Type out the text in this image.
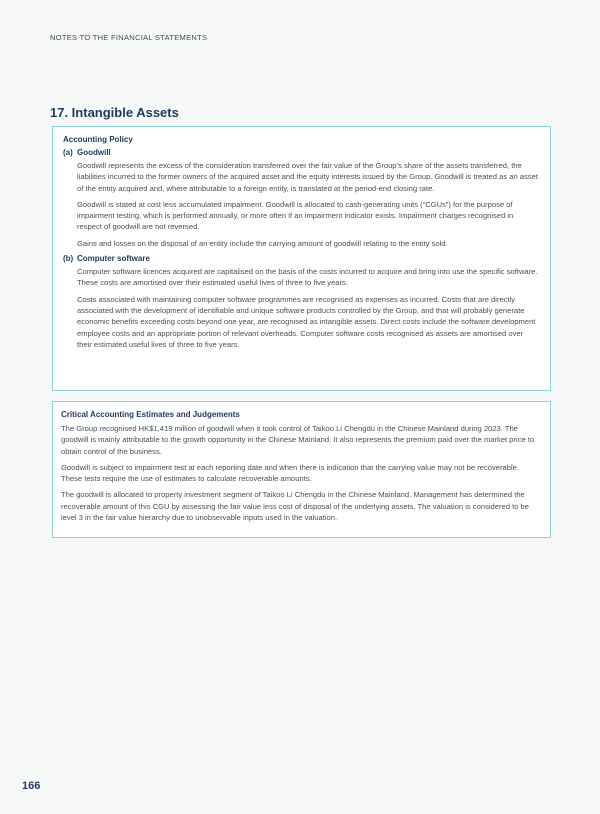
NOTES TO THE FINANCIAL STATEMENTS
17. Intangible Assets
Accounting Policy
(a) Goodwill

Goodwill represents the excess of the consideration transferred over the fair value of the Group’s share of the assets transferred, the liabilities incurred to the former owners of the acquired asset and the equity interests issued by the Group. Goodwill is treated as an asset of the entity acquired and, where attributable to a foreign entity, is translated at the period-end closing rate.

Goodwill is stated at cost less accumulated impairment. Goodwill is allocated to cash-generating units (“CGUs”) for the purpose of impairment testing, which is performed annually, or more often if an impairment indicator exists. Impairment charges recognised in respect of goodwill are not reversed.

Gains and losses on the disposal of an entity include the carrying amount of goodwill relating to the entity sold.

(b) Computer software

Computer software licences acquired are capitalised on the basis of the costs incurred to acquire and bring into use the specific software. These costs are amortised over their estimated useful lives of three to five years.

Costs associated with maintaining computer software programmes are recognised as expenses as incurred. Costs that are directly associated with the development of identifiable and unique software products controlled by the Group, and that will probably generate economic benefits exceeding costs beyond one year, are recognised as intangible assets. Direct costs include the software development employee costs and an appropriate portion of relevant overheads. Computer software costs recognised as assets are amortised over their estimated useful lives of three to five years.

Critical Accounting Estimates and Judgements

The Group recognised HK$1,419 million of goodwill when it took control of Taikoo Li Chengdu in the Chinese Mainland during 2023. The goodwill is mainly attributable to the growth opportunity in the Chinese Mainland. It also represents the premium paid over the market price to obtain control of the business.

Goodwill is subject to impairment test at each reporting date and when there is indication that the carrying value may not be recoverable. These tests require the use of estimates to calculate recoverable amounts.

The goodwill is allocated to property investment segment of Taikoo Li Chengdu in the Chinese Mainland. Management has determined the recoverable amount of this CGU by assessing the fair value less cost of disposal of the underlying assets. The valuation is considered to be level 3 in the fair value hierarchy due to unobservable inputs used in the valuation.

166
